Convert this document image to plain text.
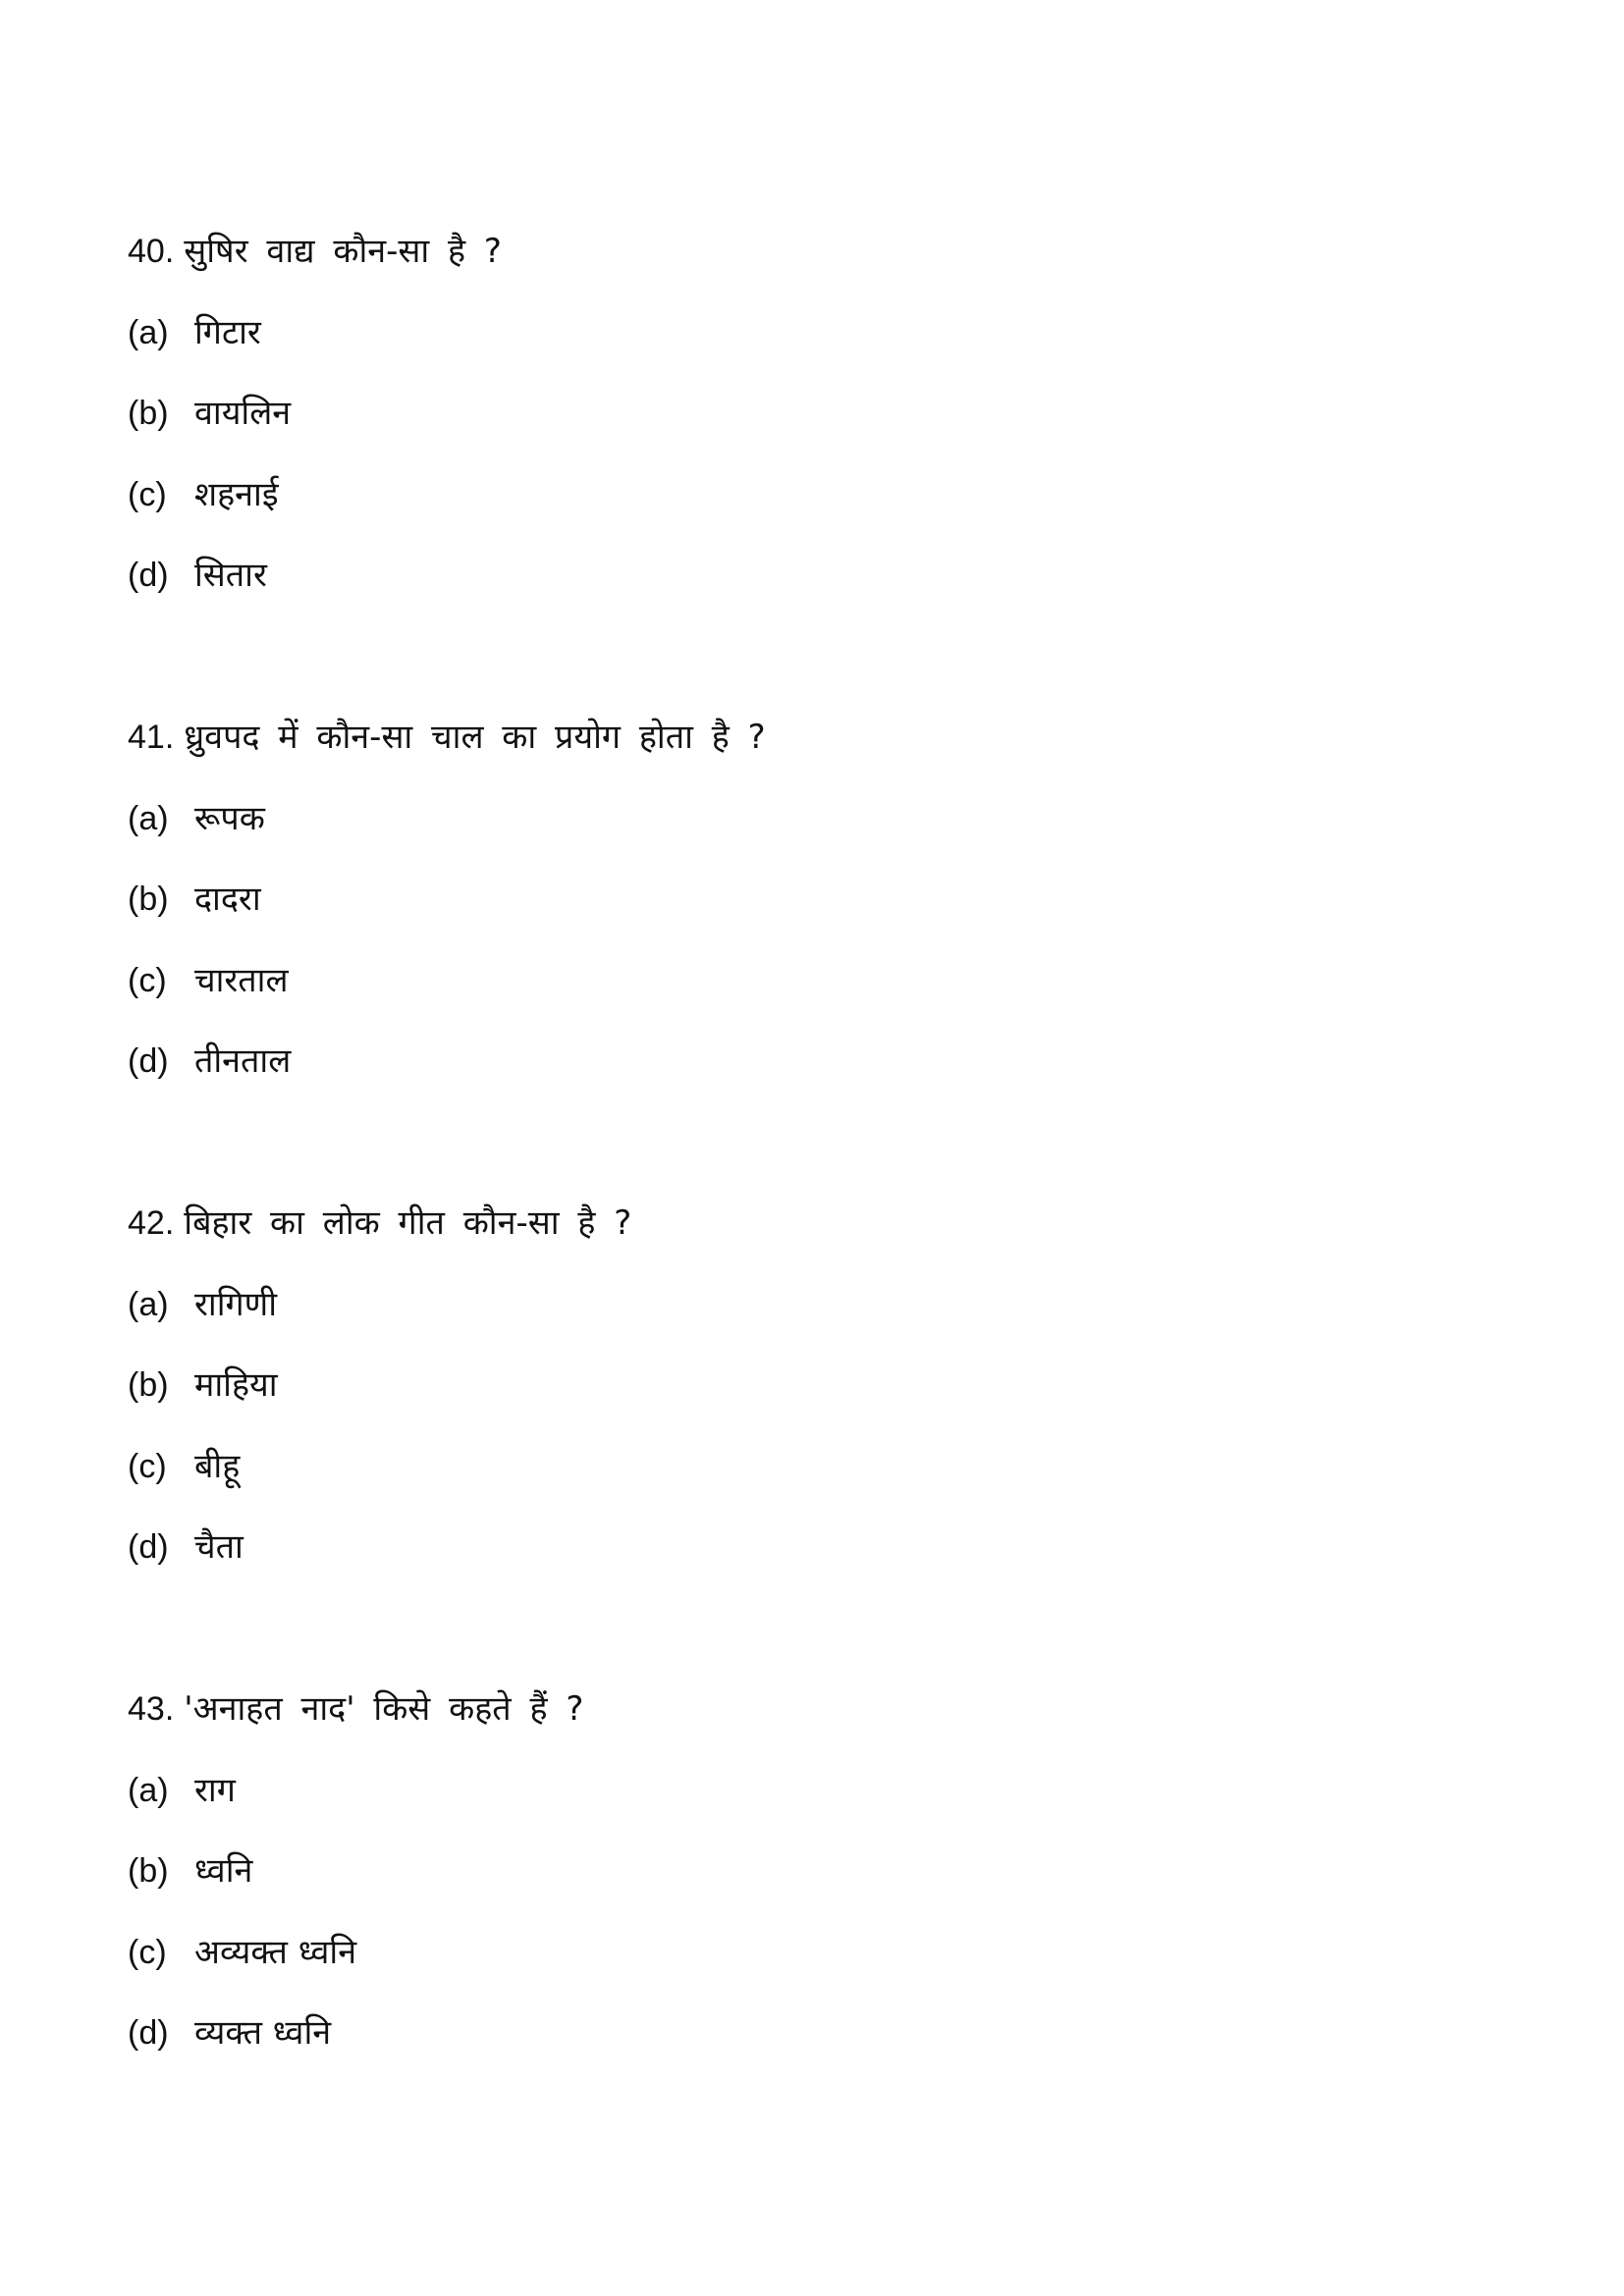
40. सुषिर वाद्य कौन-सा है ?
(a) गिटार
(b) वायलिन
(c) शहनाई
(d) सितार
41. ध्रुवपद में कौन-सा चाल का प्रयोग होता है ?
(a) रूपक
(b) दादरा
(c) चारताल
(d) तीनताल
42. बिहार का लोक गीत कौन-सा है ?
(a) रागिणी
(b) माहिया
(c) बीहू
(d) चैता
43. 'अनाहत नाद' किसे कहते हैं ?
(a) राग
(b) ध्वनि
(c) अव्यक्त ध्वनि
(d) व्यक्त ध्वनि
